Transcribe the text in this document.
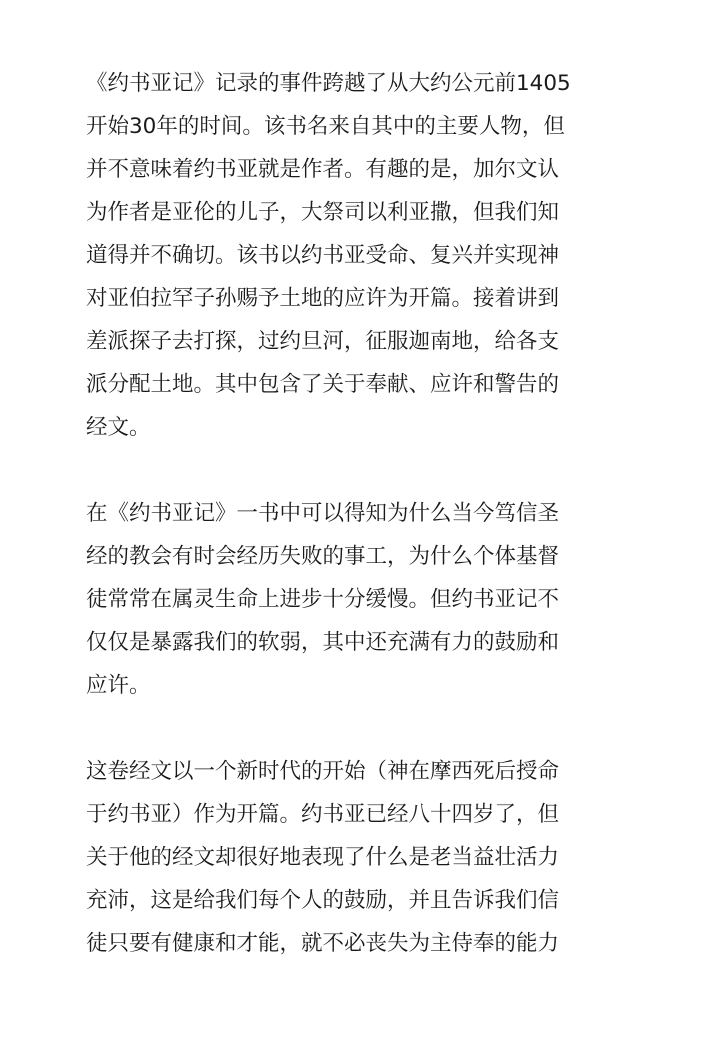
《约书亚记》记录的事件跨越了从大约公元前1405
开始30年的时间。该书名来自其中的主要人物，但
并不意味着约书亚就是作者。有趣的是，加尔文认
为作者是亚伦的儿子，大祭司以利亚撒，但我们知
道得并不确切。该书以约书亚受命、复兴并实现神
对亚伯拉罕子孙赐予土地的应许为开篇。接着讲到
差派探子去打探，过约旦河，征服迦南地，给各支
派分配土地。其中包含了关于奉献、应许和警告的
经文。
在《约书亚记》一书中可以得知为什么当今笃信圣
经的教会有时会经历失败的事工，为什么个体基督
徒常常在属灵生命上进步十分缓慢。但约书亚记不
仅仅是暴露我们的软弱，其中还充满有力的鼓励和
应许。
这卷经文以一个新时代的开始（神在摩西死后授命
于约书亚）作为开篇。约书亚已经八十四岁了，但
关于他的经文却很好地表现了什么是老当益壮活力
充沛，这是给我们每个人的鼓励，并且告诉我们信
徒只要有健康和才能，就不必丧失为主侍奉的能力
